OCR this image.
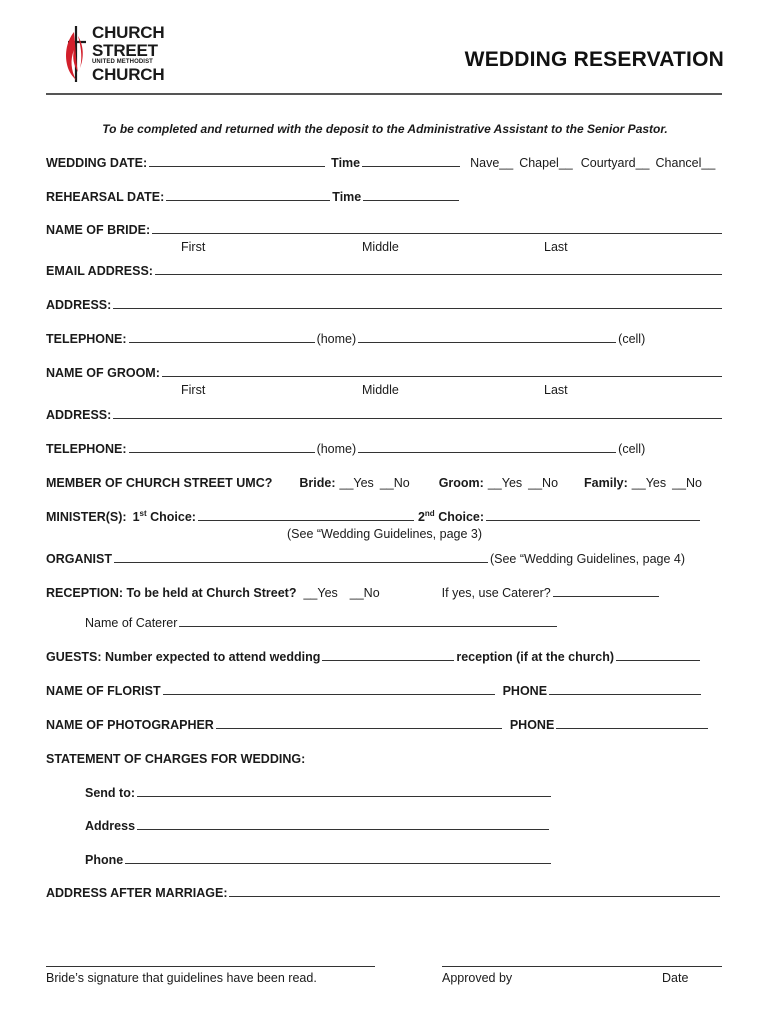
CHURCH
STREET
UNITED METHODIST
CHURCH
WEDDING RESERVATION
To be completed and returned with the deposit to the Administrative Assistant to the Senior Pastor.
WEDDING DATE:	Time	Nave__ Chapel__ Courtyard__ Chancel__
REHEARSAL DATE:	Time
NAME OF BRIDE:
First	Middle	Last
EMAIL ADDRESS:
ADDRESS:
TELEPHONE:	(home)	(cell)
NAME OF GROOM:
First	Middle	Last
ADDRESS:
TELEPHONE:	(home)	(cell)
MEMBER OF CHURCH STREET UMC? Bride: __Yes __No Groom: __Yes __No Family: __Yes __No
MINISTER(S): 1st Choice:	2nd Choice:
(See “Wedding Guidelines, page 3)
ORGANIST	(See “Wedding Guidelines, page 4)
RECEPTION: To be held at Church Street? __Yes __No	If yes, use Caterer?
Name of Caterer
GUESTS: Number expected to attend wedding	reception (if at the church)
NAME OF FLORIST	PHONE
NAME OF PHOTOGRAPHER	PHONE
STATEMENT OF CHARGES FOR WEDDING:
Send to:
Address
Phone
ADDRESS AFTER MARRIAGE:
Bride’s signature that guidelines have been read.	Approved by	Date
